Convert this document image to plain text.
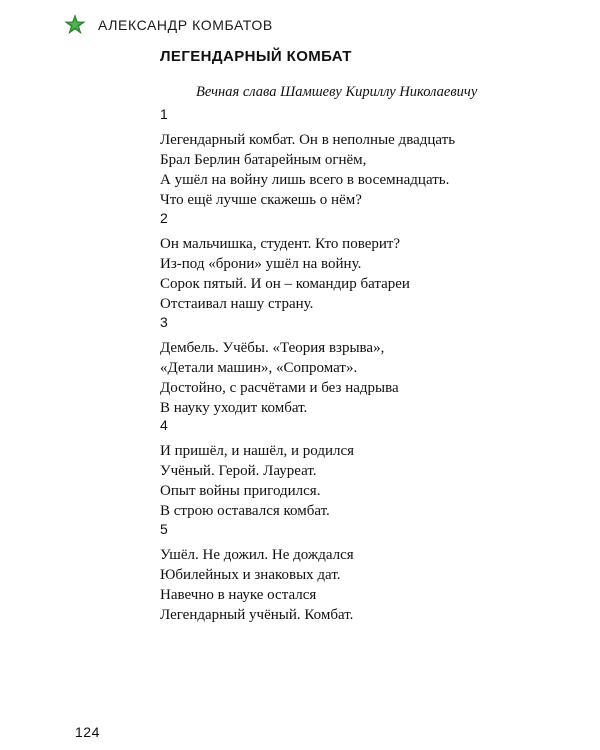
АЛЕКСАНДР КОМБАТОВ
ЛЕГЕНДАРНЫЙ КОМБАТ
Вечная слава Шамшеву Кириллу Николаевичу
1
Легендарный комбат. Он в неполные двадцать
Брал Берлин батарейным огнём,
А ушёл на войну лишь всего в восемнадцать.
Что ещё лучше скажешь о нём?
2
Он мальчишка, студент. Кто поверит?
Из-под «брони» ушёл на войну.
Сорок пятый. И он – командир батареи
Отстаивал нашу страну.
3
Дембель. Учёбы. «Теория взрыва»,
«Детали машин», «Сопромат».
Достойно, с расчётами и без надрыва
В науку уходит комбат.
4
И пришёл, и нашёл, и родился
Учёный. Герой. Лауреат.
Опыт войны пригодился.
В строю оставался комбат.
5
Ушёл. Не дожил. Не дождался
Юбилейных и знаковых дат.
Навечно в науке остался
Легендарный учёный. Комбат.
124
